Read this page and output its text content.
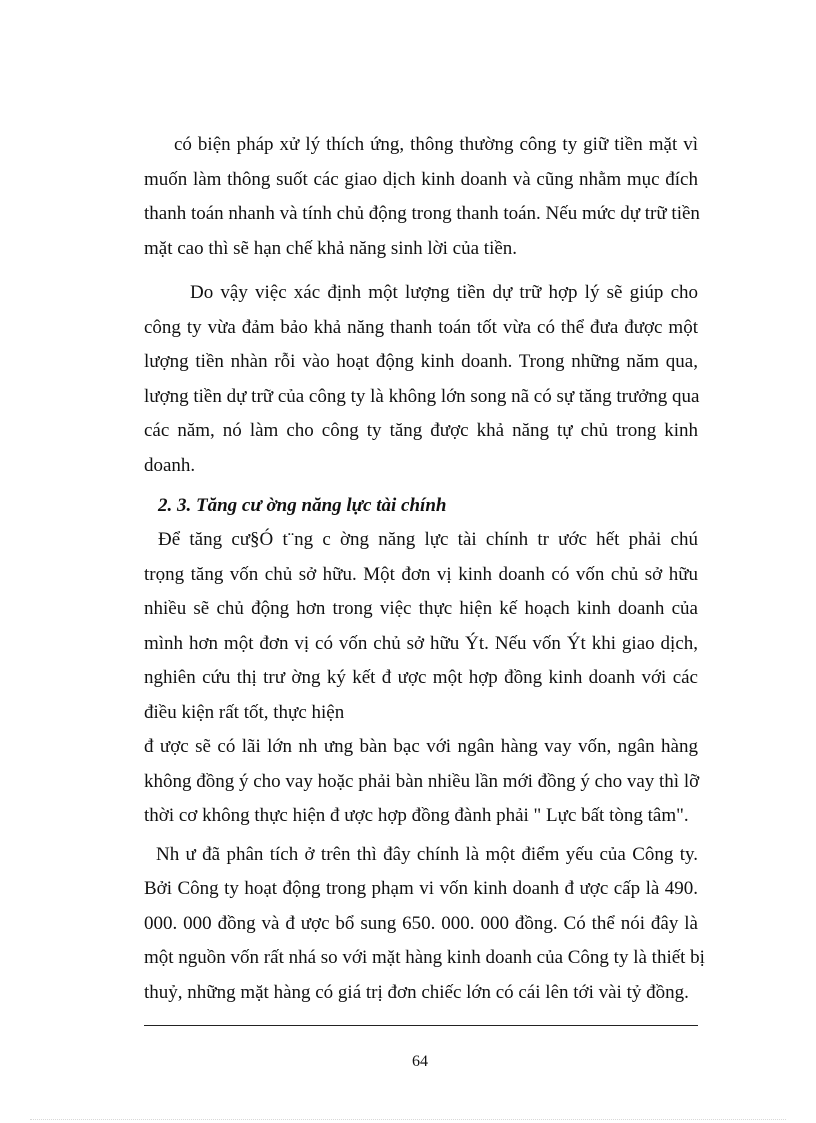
có biện pháp xử lý thích ứng, thông thường công ty giữ tiền mặt vì
muốn làm thông suốt các giao dịch kinh doanh và cũng nhằm mục đích
thanh toán nhanh và tính chủ động trong thanh toán. Nếu mức dự trữ tiền
mặt cao thì sẽ hạn chế khả năng sinh lời của tiền.
Do vậy việc xác định một lượng tiền dự trữ hợp lý sẽ giúp cho
công ty vừa đảm bảo khả năng thanh toán tốt vừa có thể đưa được một
lượng tiền nhàn rỗi vào hoạt động kinh doanh. Trong những năm qua,
lượng tiền dự trữ của công ty là không lớn song nã có sự tăng trưởng qua
các năm, nó làm cho công ty tăng được khả năng tự chủ trong kinh
doanh.
2. 3. Tăng cư ờng năng lực tài chính
Để tăng cư§Ó t¨ng c ờng năng lực tài chính tr ước hết phải chú
trọng tăng vốn chủ sở hữu. Một đơn vị kinh doanh có vốn chủ sở hữu
nhiều sẽ chủ động hơn trong việc thực hiện kế hoạch kinh doanh của
mình hơn một đơn vị có vốn chủ sở hữu Ýt. Nếu vốn Ýt khi giao dịch,
nghiên cứu thị trư ờng ký kết đ ược một hợp đồng kinh doanh với các
điều kiện rất tốt, thực hiện
đ ược sẽ có lãi lớn nh ưng bàn bạc với ngân hàng vay vốn, ngân hàng
không đồng ý cho vay hoặc phải bàn nhiều lần mới đồng ý cho vay thì lỡ
thời cơ không thực hiện đ ược hợp đồng đành phải " Lực bất tòng tâm".
Nh ư đã phân tích ở trên thì đây chính là một điểm yếu của Công ty.
Bởi Công ty hoạt động trong phạm vi vốn kinh doanh đ ược cấp là 490.
000. 000 đồng và đ ược bổ sung 650. 000. 000 đồng. Có thể nói đây là
một nguồn vốn rất nhá so với mặt hàng kinh doanh của Công ty là thiết bị
thuỷ, những mặt hàng có giá trị đơn chiếc lớn có cái lên tới vài tỷ đồng.
64
